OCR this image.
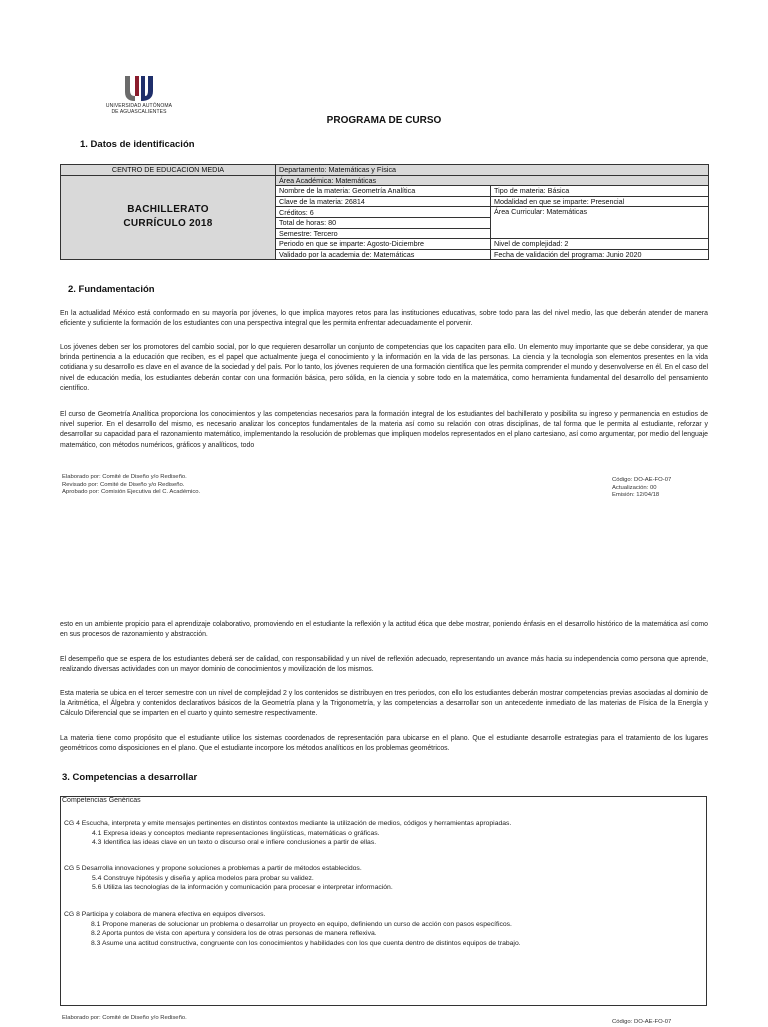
UNIVERSIDAD AUTÓNOMA
DE AGUASCALIENTES
PROGRAMA DE CURSO
1. Datos de identificación
CENTRO DE EDUCACION MEDIA	Departamento: Matemáticas y Física	

BACHILLERATO
CURRÍCULO 2018	Área Académica: Matemáticas	
	Nombre de la materia: Geometría Analítica	Tipo de materia: Básica
	Clave de la materia: 26814	Modalidad en que se imparte: Presencial
	Créditos: 6	Área Curricular: Matemáticas
	Total de horas: 80	
	Semestre: Tercero	
	Periodo en que se imparte: Agosto-Diciembre	Nivel de complejidad: 2
	Validado por la academia de: Matemáticas	Fecha de validación del programa: Junio 2020
2. Fundamentación
En la actualidad México está conformado en su mayoría por jóvenes, lo que implica mayores retos para las instituciones educativas, sobre todo para las del nivel medio, las que deberán atender de manera eficiente y suficiente la formación de los estudiantes con una perspectiva integral que les permita enfrentar adecuadamente el porvenir.
Los jóvenes deben ser los promotores del cambio social, por lo que requieren desarrollar un conjunto de competencias que los capaciten para ello. Un elemento muy importante que se debe considerar, ya que brinda pertinencia a la educación que reciben, es el papel que actualmente juega el conocimiento y la información en la vida de las personas. La ciencia y la tecnología son elementos presentes en la vida cotidiana y su desarrollo es clave en el avance de la sociedad y del país. Por lo tanto, los jóvenes requieren de una formación científica que les permita comprender el mundo y desenvolverse en él. En el caso del nivel de educación media, los estudiantes deberán contar con una formación básica, pero sólida, en la ciencia y sobre todo en la matemática, como herramienta fundamental del desarrollo del pensamiento científico.
El curso de Geometría Analítica proporciona los conocimientos y las competencias necesarios para la formación integral de los estudiantes del bachillerato y posibilita su ingreso y permanencia en estudios de nivel superior. En el desarrollo del mismo, es necesario analizar los conceptos fundamentales de la materia así como su relación con otras disciplinas, de tal forma que le permita al estudiante, reforzar y desarrollar su capacidad para el razonamiento matemático, implementando la resolución de problemas que impliquen modelos representados en el plano cartesiano, así como argumentar, por medio del lenguaje matemático, con métodos numéricos, gráficos y analíticos, todo
Elaborado por: Comité de Diseño y/o Rediseño.
Revisado por: Comité de Diseño y/o Rediseño.
Aprobado por: Comisión Ejecutiva del C. Académico.
Código: DO-AE-FO-07
Actualización: 00
Emisión: 12/04/18
esto en un ambiente propicio para el aprendizaje colaborativo, promoviendo en el estudiante la reflexión y la actitud ética que debe mostrar, poniendo énfasis en el desarrollo histórico de la matemática así como en sus procesos de razonamiento y abstracción.
El desempeño que se espera de los estudiantes deberá ser de calidad, con responsabilidad y un nivel de reflexión adecuado, representando un avance más hacia su independencia como persona que aprende, realizando diversas actividades con un mayor dominio de conocimientos y movilización de los mismos.
Esta materia se ubica en el tercer semestre con un nivel de complejidad 2 y los contenidos se distribuyen en tres periodos, con ello los estudiantes deberán mostrar competencias previas asociadas al dominio de la Aritmética, el Álgebra y contenidos declarativos básicos de la Geometría plana y la Trigonometría, y las competencias a desarrollar son un antecedente inmediato de las materias de Física de la Energía y Cálculo Diferencial que se imparten en el cuarto y quinto semestre respectivamente.
La materia tiene como propósito que el estudiante utilice los sistemas coordenados de representación para ubicarse en el plano. Que el estudiante desarrolle estrategias para el tratamiento de los lugares geométricos como disposiciones en el plano. Que el estudiante incorpore los métodos analíticos en los problemas geométricos.
3. Competencias a desarrollar
Competencias Genéricas
CG 4 Escucha, interpreta y emite mensajes pertinentes en distintos contextos mediante la utilización de medios, códigos y herramientas apropiadas.
4.1 Expresa ideas y conceptos mediante representaciones lingüísticas, matemáticas o gráficas.
4.3 Identifica las ideas clave en un texto o discurso oral e infiere conclusiones a partir de ellas.
CG 5 Desarrolla innovaciones y propone soluciones a problemas a partir de métodos establecidos.
5.4 Construye hipótesis y diseña y aplica modelos para probar su validez.
5.6 Utiliza las tecnologías de la información y comunicación para procesar e interpretar información.
CG 8 Participa y colabora de manera efectiva en equipos diversos.
8.1 Propone maneras de solucionar un problema o desarrollar un proyecto en equipo, definiendo un curso de acción con pasos específicos.
8.2 Aporta puntos de vista con apertura y considera los de otras personas de manera reflexiva.
8.3 Asume una actitud constructiva, congruente con los conocimientos y habilidades con los que cuenta dentro de distintos equipos de trabajo.
Elaborado por: Comité de Diseño y/o Rediseño.
Código: DO-AE-FO-07
